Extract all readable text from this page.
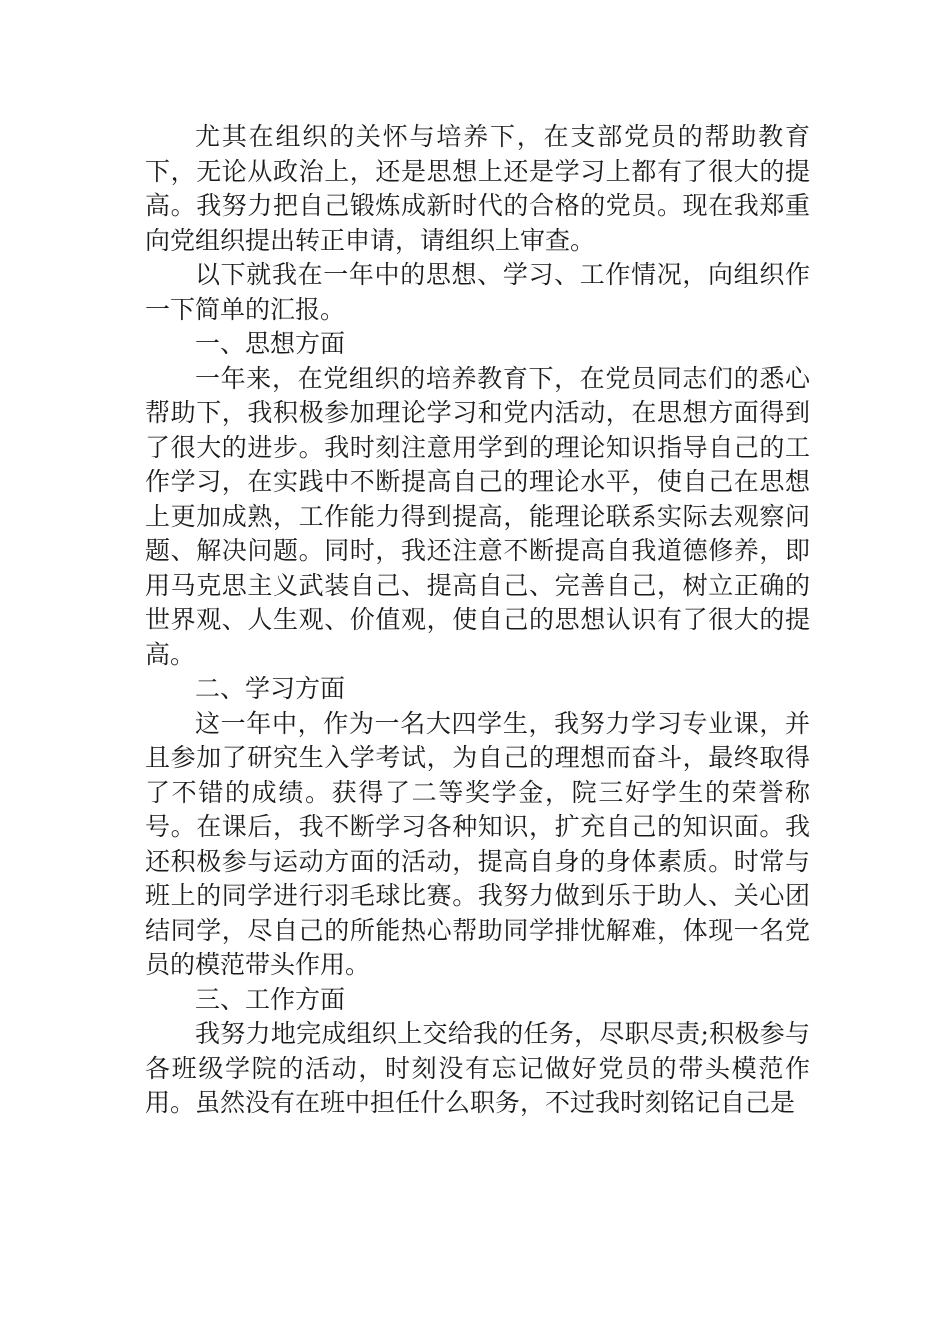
尤其在组织的关怀与培养下，在支部党员的帮助教育下，无论从政治上，还是思想上还是学习上都有了很大的提高。我努力把自己锻炼成新时代的合格的党员。现在我郑重向党组织提出转正申请，请组织上审查。

以下就我在一年中的思想、学习、工作情况，向组织作一下简单的汇报。

一、思想方面

一年来，在党组织的培养教育下，在党员同志们的悉心帮助下，我积极参加理论学习和党内活动，在思想方面得到了很大的进步。我时刻注意用学到的理论知识指导自己的工作学习，在实践中不断提高自己的理论水平，使自己在思想上更加成熟，工作能力得到提高，能理论联系实际去观察问题、解决问题。同时，我还注意不断提高自我道德修养，即用马克思主义武装自己、提高自己、完善自己，树立正确的世界观、人生观、价值观，使自己的思想认识有了很大的提高。

二、学习方面

这一年中，作为一名大四学生，我努力学习专业课，并且参加了研究生入学考试，为自己的理想而奋斗，最终取得了不错的成绩。获得了二等奖学金，院三好学生的荣誉称号。在课后，我不断学习各种知识，扩充自己的知识面。我还积极参与运动方面的活动，提高自身的身体素质。时常与班上的同学进行羽毛球比赛。我努力做到乐于助人、关心团结同学，尽自己的所能热心帮助同学排忧解难，体现一名党员的模范带头作用。

三、工作方面

我努力地完成组织上交给我的任务，尽职尽责;积极参与各班级学院的活动，时刻没有忘记做好党员的带头模范作用。虽然没有在班中担任什么职务，不过我时刻铭记自己是
